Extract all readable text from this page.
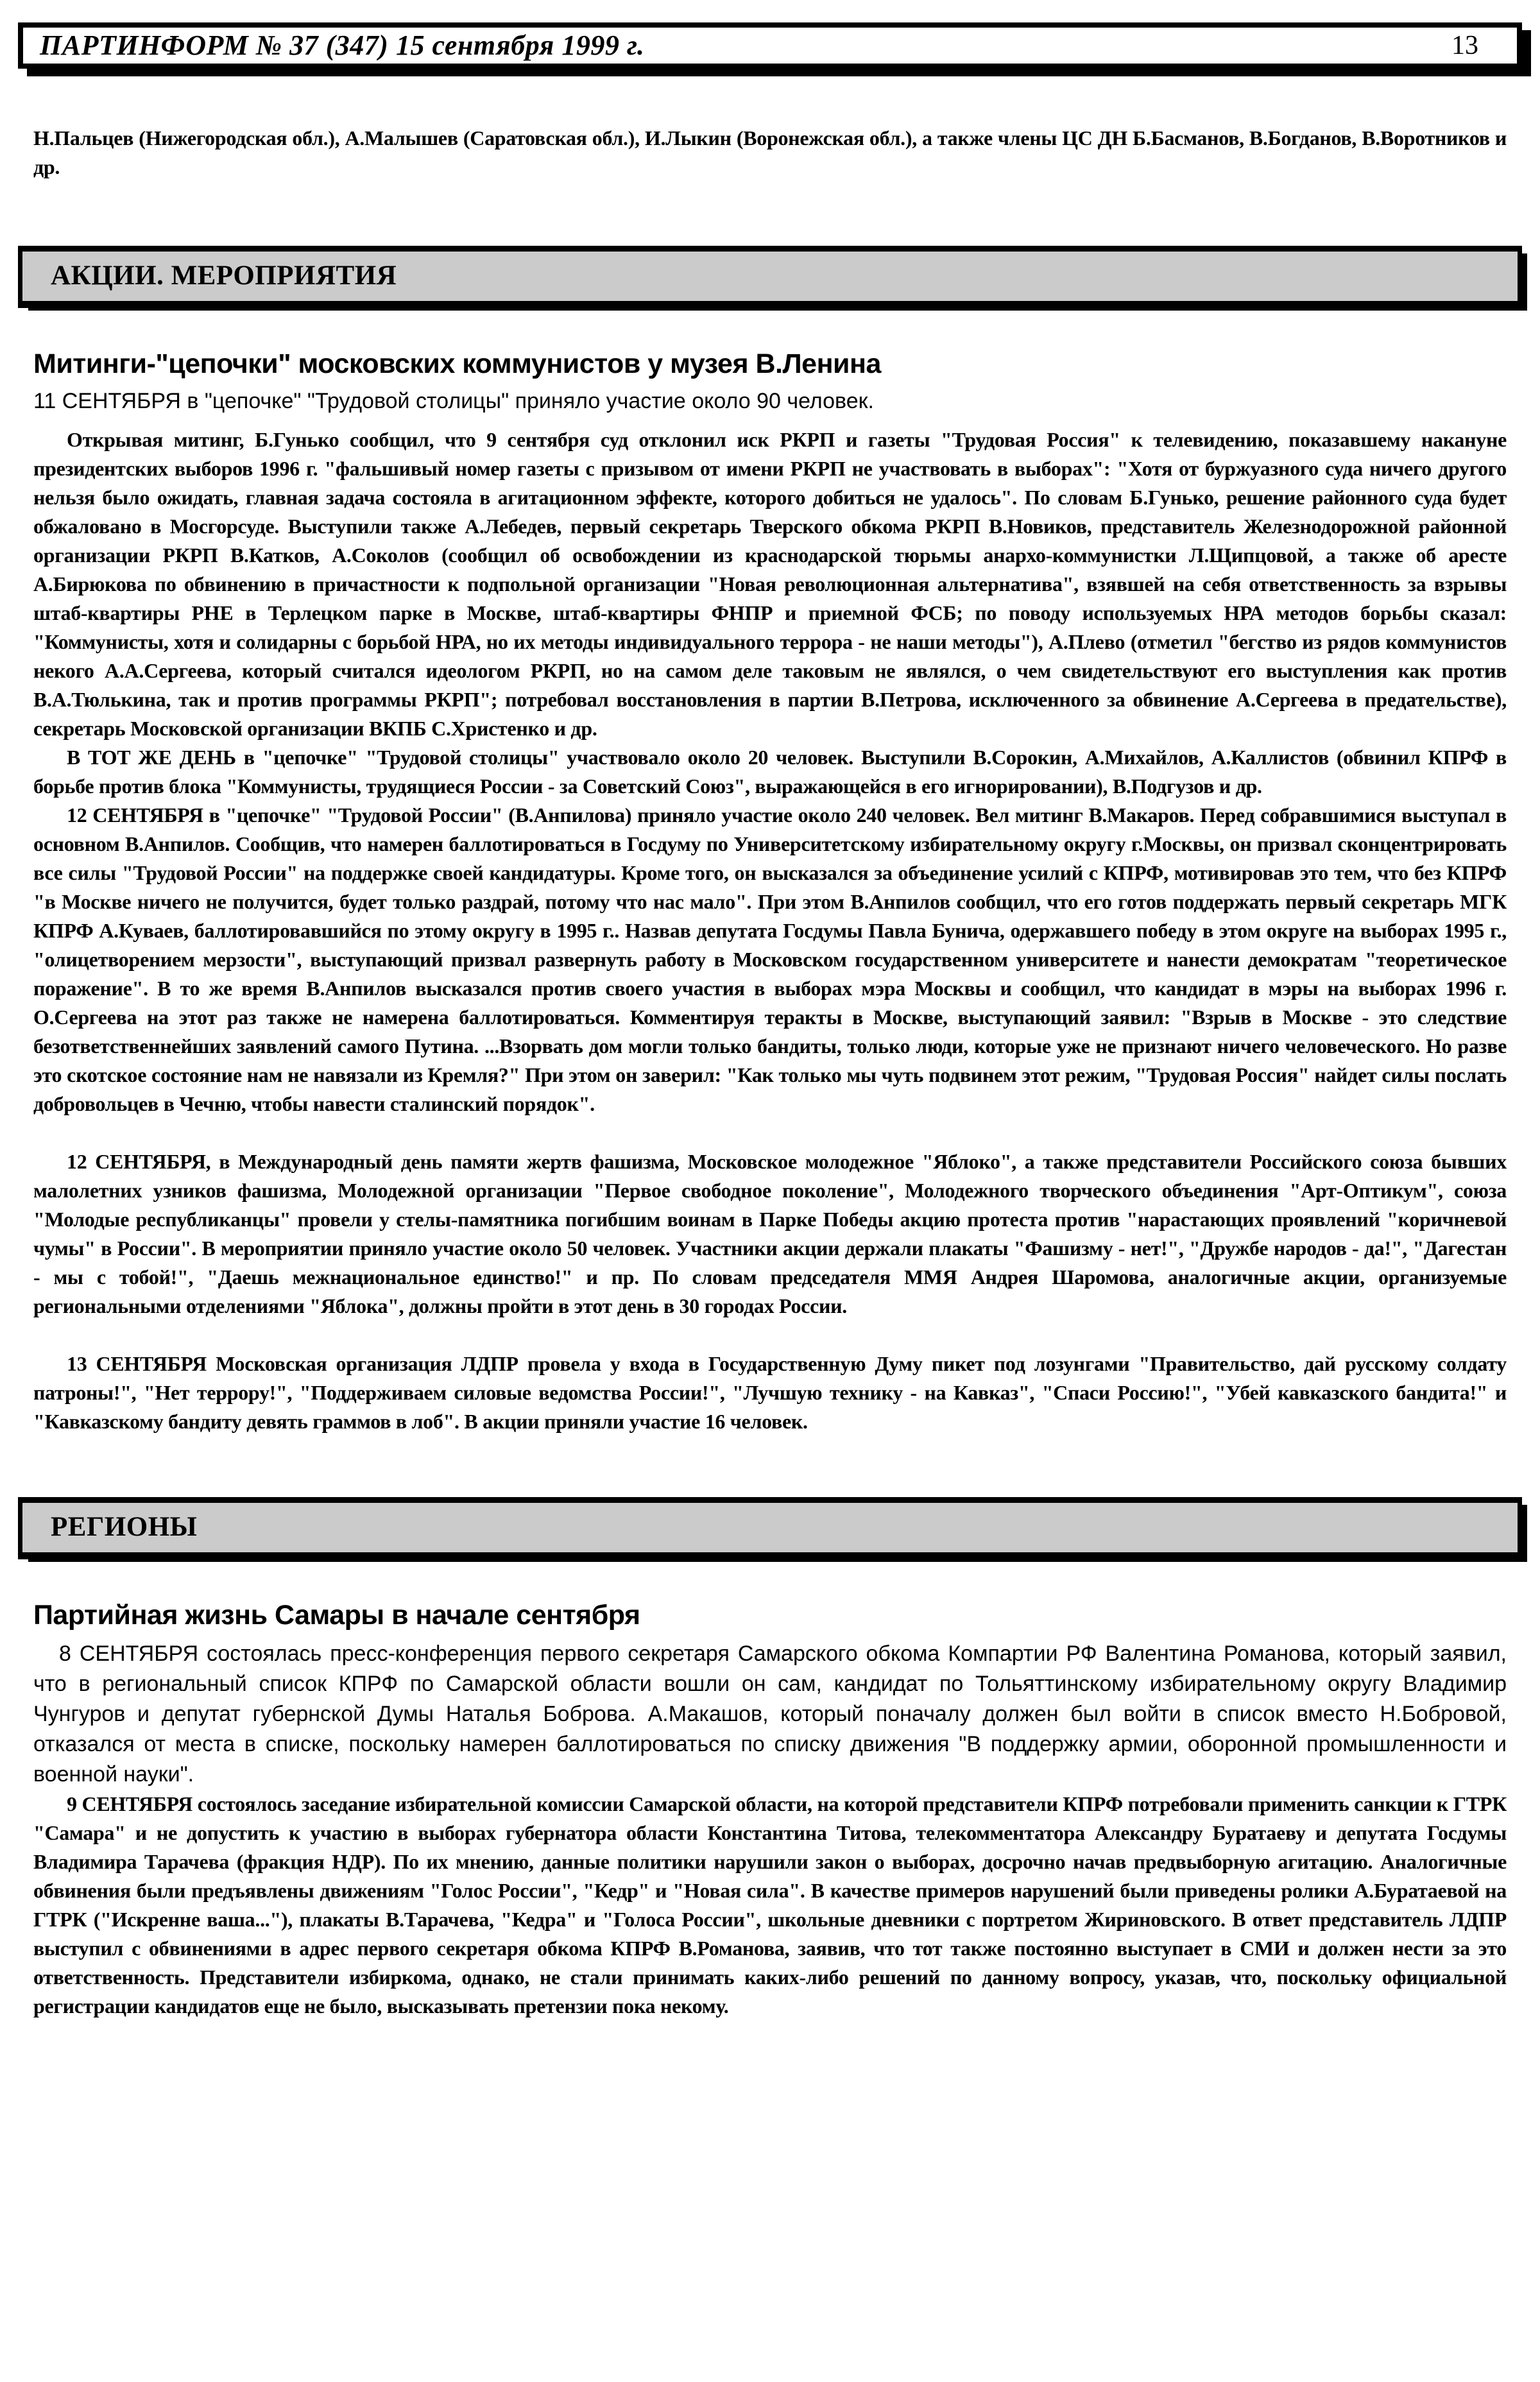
ПАРТИНФОРМ № 37 (347) 15 сентября 1999 г.	13

Н.Пальцев (Нижегородская обл.), А.Малышев (Саратовская обл.), И.Лыкин (Воронежская обл.), а также члены ЦС ДН Б.Басманов, В.Богданов, В.Воротников и др.

АКЦИИ. МЕРОПРИЯТИЯ
Митинги-"цепочки" московских коммунистов у музея В.Ленина

11 СЕНТЯБРЯ в "цепочке" "Трудовой столицы" приняло участие около 90 человек.

Открывая митинг, Б.Гунько сообщил, что 9 сентября суд отклонил иск РКРП и газеты "Трудовая Россия" к телевидению, показавшему накануне президентских выборов 1996 г. "фальшивый номер газеты с призывом от имени РКРП не участвовать в выборах": "Хотя от буржуазного суда ничего другого нельзя было ожидать, главная задача состояла в агитационном эффекте, которого добиться не удалось". По словам Б.Гунько, решение районного суда будет обжаловано в Мосгорсуде. Выступили также А.Лебедев, первый секретарь Тверского обкома РКРП В.Новиков, представитель Железнодорожной районной организации РКРП В.Катков, А.Соколов (сообщил об освобождении из краснодарской тюрьмы анархо-коммунистки Л.Щипцовой, а также об аресте А.Бирюкова по обвинению в причастности к подпольной организации "Новая революционная альтернатива", взявшей на себя ответственность за взрывы штаб-квартиры РНЕ в Терлецком парке в Москве, штаб-квартиры ФНПР и приемной ФСБ; по поводу используемых НРА методов борьбы сказал: "Коммунисты, хотя и солидарны с борьбой НРА, но их методы индивидуального террора - не наши методы"), А.Плево (отметил "бегство из рядов коммунистов некого А.А.Сергеева, который считался идеологом РКРП, но на самом деле таковым не являлся, о чем свидетельствуют его выступления как против В.А.Тюлькина, так и против программы РКРП"; потребовал восстановления в партии В.Петрова, исключенного за обвинение А.Сергеева в предательстве), секретарь Московской организации ВКПБ С.Христенко и др.

В ТОТ ЖЕ ДЕНЬ в "цепочке" "Трудовой столицы" участвовало около 20 человек. Выступили В.Сорокин, А.Михайлов, А.Каллистов (обвинил КПРФ в борьбе против блока "Коммунисты, трудящиеся России - за Советский Союз", выражающейся в его игнорировании), В.Подгузов и др.

12 СЕНТЯБРЯ в "цепочке" "Трудовой России" (В.Анпилова) приняло участие около 240 человек. Вел митинг В.Макаров. Перед собравшимися выступал в основном В.Анпилов. Сообщив, что намерен баллотироваться в Госдуму по Университетскому избирательному округу г.Москвы, он призвал сконцентрировать все силы "Трудовой России" на поддержке своей кандидатуры. Кроме того, он высказался за объединение усилий с КПРФ, мотивировав это тем, что без КПРФ "в Москве ничего не получится, будет только раздрай, потому что нас мало". При этом В.Анпилов сообщил, что его готов поддержать первый секретарь МГК КПРФ А.Куваев, баллотировавшийся по этому округу в 1995 г.. Назвав депутата Госдумы Павла Бунича, одержавшего победу в этом округе на выборах 1995 г., "олицетворением мерзости", выступающий призвал развернуть работу в Московском государственном университете и нанести демократам "теоретическое поражение". В то же время В.Анпилов высказался против своего участия в выборах мэра Москвы и сообщил, что кандидат в мэры на выборах 1996 г. О.Сергеева на этот раз также не намерена баллотироваться. Комментируя теракты в Москве, выступающий заявил: "Взрыв в Москве - это следствие безответственнейших заявлений самого Путина. ...Взорвать дом могли только бандиты, только люди, которые уже не признают ничего человеческого. Но разве это скотское состояние нам не навязали из Кремля?" При этом он заверил: "Как только мы чуть подвинем этот режим, "Трудовая Россия" найдет силы послать добровольцев в Чечню, чтобы навести сталинский порядок".

12 СЕНТЯБРЯ, в Международный день памяти жертв фашизма, Московское молодежное "Яблоко", а также представители Российского союза бывших малолетних узников фашизма, Молодежной организации "Первое свободное поколение", Молодежного творческого объединения "Арт-Оптикум", союза "Молодые республиканцы" провели у стелы-памятника погибшим воинам в Парке Победы акцию протеста против "нарастающих проявлений "коричневой чумы" в России". В мероприятии приняло участие около 50 человек. Участники акции держали плакаты "Фашизму - нет!", "Дружбе народов - да!", "Дагестан - мы с тобой!", "Даешь межнациональное единство!" и пр. По словам председателя ММЯ Андрея Шаромова, аналогичные акции, организуемые региональными отделениями "Яблока", должны пройти в этот день в 30 городах России.

13 СЕНТЯБРЯ Московская организация ЛДПР провела у входа в Государственную Думу пикет под лозунгами "Правительство, дай русскому солдату патроны!", "Нет террору!", "Поддерживаем силовые ведомства России!", "Лучшую технику - на Кавказ", "Спаси Россию!", "Убей кавказского бандита!" и "Кавказскому бандиту девять граммов в лоб". В акции приняли участие 16 человек.

РЕГИОНЫ
Партийная жизнь Самары в начале сентября

8 СЕНТЯБРЯ состоялась пресс-конференция первого секретаря Самарского обкома Компартии РФ Валентина Романова, который заявил, что в региональный список КПРФ по Самарской области вошли он сам, кандидат по Тольяттинскому избирательному округу Владимир Чунгуров и депутат губернской Думы Наталья Боброва. А.Макашов, который поначалу должен был войти в список вместо Н.Бобровой, отказался от места в списке, поскольку намерен баллотироваться по списку движения "В поддержку армии, оборонной промышленности и военной науки".

9 СЕНТЯБРЯ состоялось заседание избирательной комиссии Самарской области, на которой представители КПРФ потребовали применить санкции к ГТРК "Самара" и не допустить к участию в выборах губернатора области Константина Титова, телекомментатора Александру Буратаеву и депутата Госдумы Владимира Тарачева (фракция НДР). По их мнению, данные политики нарушили закон о выборах, досрочно начав предвыборную агитацию. Аналогичные обвинения были предъявлены движениям "Голос России", "Кедр" и "Новая сила". В качестве примеров нарушений были приведены ролики А.Буратаевой на ГТРК ("Искренне ваша..."), плакаты В.Тарачева, "Кедра" и "Голоса России", школьные дневники с портретом Жириновского. В ответ представитель ЛДПР выступил с обвинениями в адрес первого секретаря обкома КПРФ В.Романова, заявив, что тот также постоянно выступает в СМИ и должен нести за это ответственность. Представители избиркома, однако, не стали принимать каких-либо решений по данному вопросу, указав, что, поскольку официальной регистрации кандидатов еще не было, высказывать претензии пока некому.
